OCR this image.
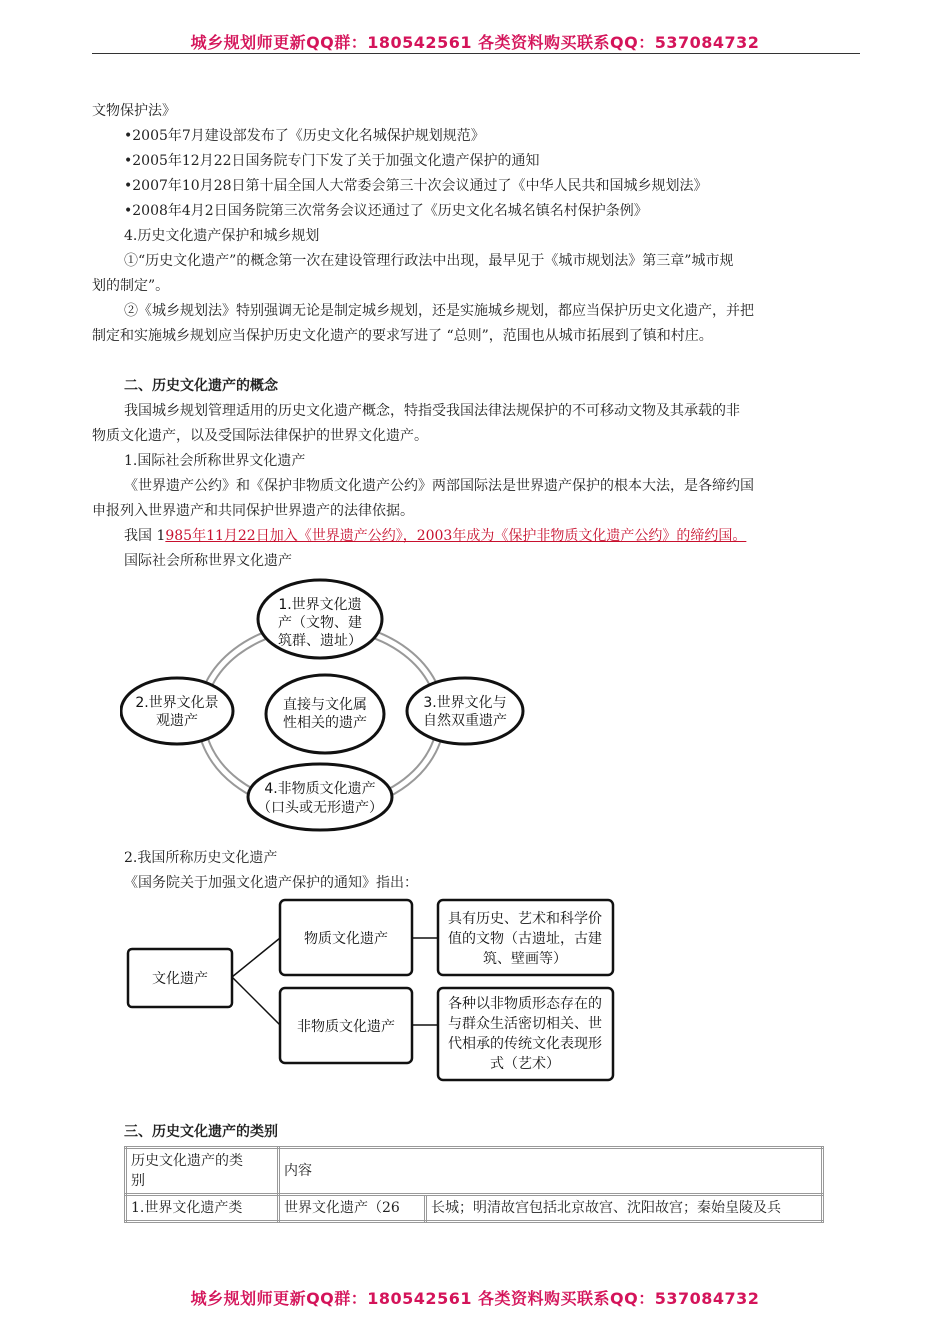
城乡规划师更新QQ群：180542561 各类资料购买联系QQ：537084732
文物保护法》
•2005年7月建设部发布了《历史文化名城保护规划规范》
•2005年12月22日国务院专门下发了关于加强文化遗产保护的通知
•2007年10月28日第十届全国人大常委会第三十次会议通过了《中华人民共和国城乡规划法》
•2008年4月2日国务院第三次常务会议还通过了《历史文化名城名镇名村保护条例》
4.历史文化遗产保护和城乡规划
①“历史文化遗产”的概念第一次在建设管理行政法中出现，最早见于《城市规划法》第三章”城市规
划的制定”。
②《城乡规划法》特别强调无论是制定城乡规划，还是实施城乡规划，都应当保护历史文化遗产，并把
制定和实施城乡规划应当保护历史文化遗产的要求写进了 “总则”，范围也从城市拓展到了镇和村庄。
二、历史文化遗产的概念
我国城乡规划管理适用的历史文化遗产概念，特指受我国法律法规保护的不可移动文物及其承载的非
物质文化遗产，以及受国际法律保护的世界文化遗产。
1.国际社会所称世界文化遗产
《世界遗产公约》和《保护非物质文化遗产公约》两部国际法是世界遗产保护的根本大法，是各缔约国
申报列入世界遗产和共同保护世界遗产的法律依据。
我国 1985年11月22日加入《世界遗产公约》，2003年成为《保护非物质文化遗产公约》的缔约国。
国际社会所称世界文化遗产
1.世界文化遗
产（文物、建
筑群、遗址）
2.世界文化景
观遗产
直接与文化属
性相关的遗产
3.世界文化与
自然双重遗产
4.非物质文化遗产
（口头或无形遗产）
2.我国所称历史文化遗产
《国务院关于加强文化遗产保护的通知》指出：
文化遗产
物质文化遗产
非物质文化遗产
具有历史、艺术和科学价
值的文物（古遗址，古建
筑、壁画等）
各种以非物质形态存在的
与群众生活密切相关、世
代相承的传统文化表现形
式（艺术）
三、历史文化遗产的类别
历史文化遗产的类
别	内容	
1.世界文化遗产类	世界文化遗产（26	长城；明清故宫包括北京故宫、沈阳故宫；秦始皇陵及兵
城乡规划师更新QQ群：180542561 各类资料购买联系QQ：537084732
